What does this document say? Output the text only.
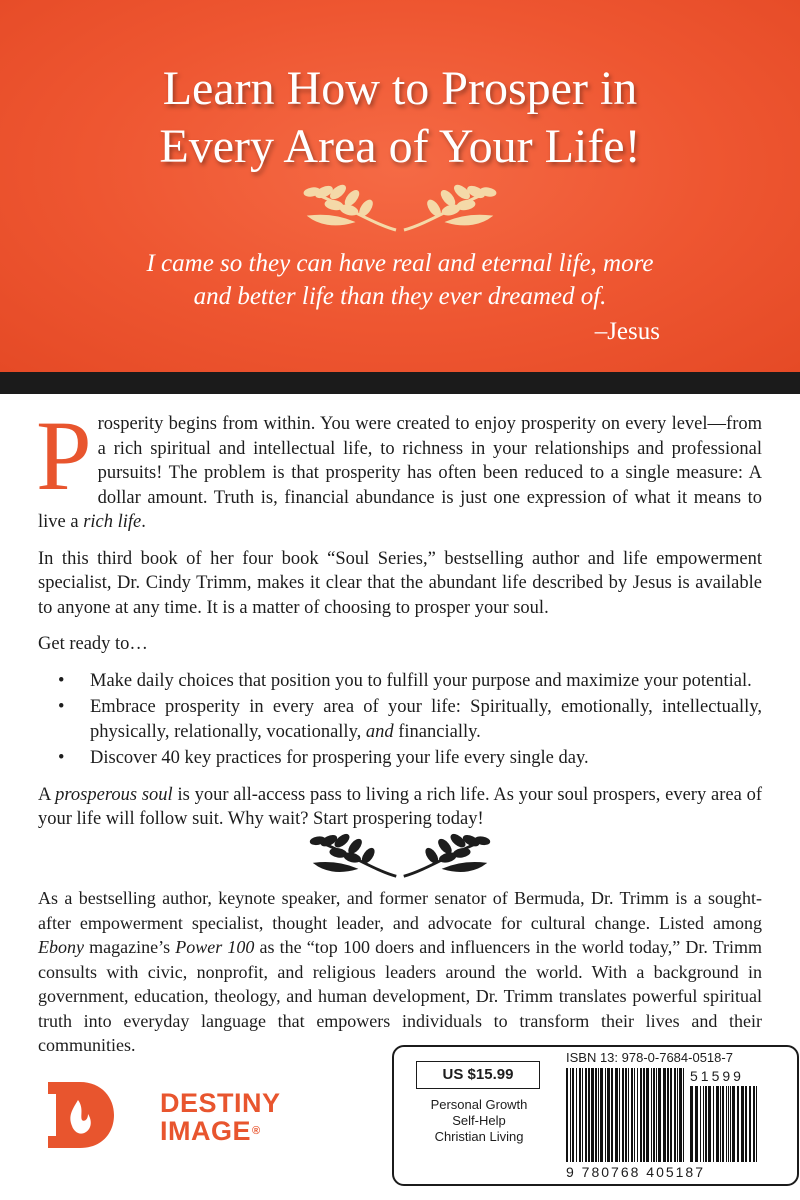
Learn How to Prosper in
Every Area of Your Life!

I came so they can have real and eternal life, more
and better life than they ever dreamed of.

–Jesus

Prosperity begins from within. You were created to enjoy prosperity on every level—from a rich spiritual and intellectual life, to richness in your relationships and professional pursuits! The problem is that prosperity has often been reduced to a single measure: A dollar amount. Truth is, financial abundance is just one expression of what it means to live a rich life.

In this third book of her four book “Soul Series,” bestselling author and life empowerment specialist, Dr. Cindy Trimm, makes it clear that the abundant life described by Jesus is available to anyone at any time. It is a matter of choosing to prosper your soul.

Get ready to…

• Make daily choices that position you to fulfill your purpose and maximize your potential.
• Embrace prosperity in every area of your life: Spiritually, emotionally, intellectually, physically, relationally, vocationally, and financially.
• Discover 40 key practices for prospering your life every single day.

A prosperous soul is your all-access pass to living a rich life. As your soul prospers, every area of your life will follow suit. Why wait? Start prospering today!

As a bestselling author, keynote speaker, and former senator of Bermuda, Dr. Trimm is a sought-after empowerment specialist, thought leader, and advocate for cultural change. Listed among Ebony magazine’s Power 100 as the “top 100 doers and influencers in the world today,” Dr. Trimm consults with civic, nonprofit, and religious leaders around the world. With a background in government, education, theology, and human development, Dr. Trimm translates powerful spiritual truth into everyday language that empowers individuals to transform their lives and their communities.

DESTINY
IMAGE®
US $15.99
Personal Growth
Self-Help
Christian Living
ISBN 13: 978-0-7684-0518-7
51599
9 780768 405187
